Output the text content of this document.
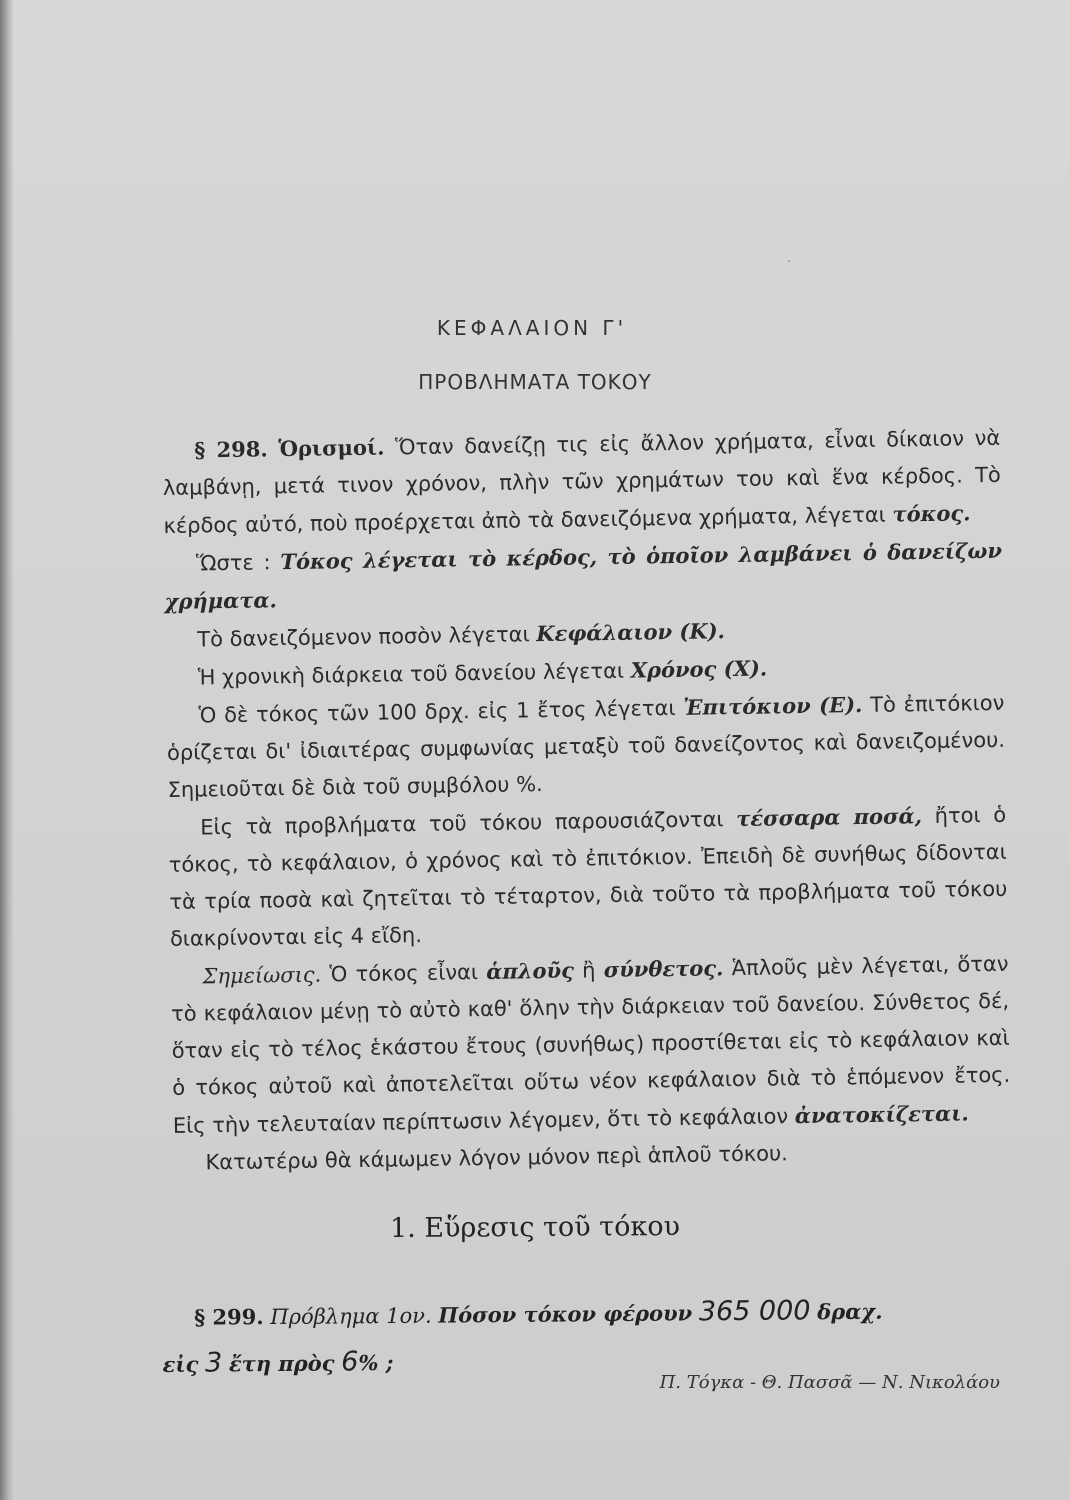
`
ΚΕΦΑΛΑΙΟΝ Γ'
ΠΡΟΒΛΗΜΑΤΑ ΤΟΚΟΥ

§ 298. Ὁρισμοί. Ὅταν δανείζῃ τις εἰς ἄλλον χρήματα, εἶναι δίκαιον νὰ λαμβάνῃ, μετά τινον χρόνον, πλὴν τῶν χρημάτων του καὶ ἕνα κέρδος. Τὸ κέρδος αὐτό, ποὺ προέρχεται ἀπὸ τὰ δανειζόμενα χρήματα, λέγεται τόκος.

Ὥστε : Τόκος λέγεται τὸ κέρδος, τὸ ὁποῖον λαμβάνει ὁ δανείζων χρήματα.

Τὸ δανειζόμενον ποσὸν λέγεται Κεφάλαιον (Κ).

Ἡ χρονικὴ διάρκεια τοῦ δανείου λέγεται Χρόνος (Χ).

Ὁ δὲ τόκος τῶν 100 δρχ. εἰς 1 ἔτος λέγεται Ἐπιτόκιον (Ε). Τὸ ἐπιτόκιον ὁρίζεται δι' ἰδιαιτέρας συμφωνίας μεταξὺ τοῦ δανείζοντος καὶ δανειζομένου. Σημειοῦται δὲ διὰ τοῦ συμβόλου %.

Εἰς τὰ προβλήματα τοῦ τόκου παρουσιάζονται τέσσαρα ποσά, ἤτοι ὁ τόκος, τὸ κεφάλαιον, ὁ χρόνος καὶ τὸ ἐπιτόκιον. Ἐπειδὴ δὲ συνήθως δίδονται τὰ τρία ποσὰ καὶ ζητεῖται τὸ τέταρτον, διὰ τοῦτο τὰ προβλήματα τοῦ τόκου διακρίνονται εἰς 4 εἴδη.

Σημείωσις. Ὁ τόκος εἶναι ἁπλοῦς ἢ σύνθετος. Ἁπλοῦς μὲν λέγεται, ὅταν τὸ κεφάλαιον μένῃ τὸ αὐτὸ καθ' ὅλην τὴν διάρκειαν τοῦ δανείου. Σύνθετος δέ, ὅταν εἰς τὸ τέλος ἑκάστου ἔτους (συνήθως) προστίθεται εἰς τὸ κεφάλαιον καὶ ὁ τόκος αὐτοῦ καὶ ἀποτελεῖται οὕτω νέον κεφάλαιον διὰ τὸ ἑπόμενον ἔτος. Εἰς τὴν τελευταίαν περίπτωσιν λέγομεν, ὅτι τὸ κεφάλαιον ἀνατοκίζεται.

Κατωτέρω θὰ κάμωμεν λόγον μόνον περὶ ἁπλοῦ τόκου.

1. Εὕρεσις τοῦ τόκου

§ 299. Πρόβλημα 1ον. Πόσον τόκον φέρουν 365 000 δραχ.

εἰς 3 ἔτη πρὸς 6% ;

Π. Τόγκα - Θ. Πασσᾶ — Ν. Νικολάου
